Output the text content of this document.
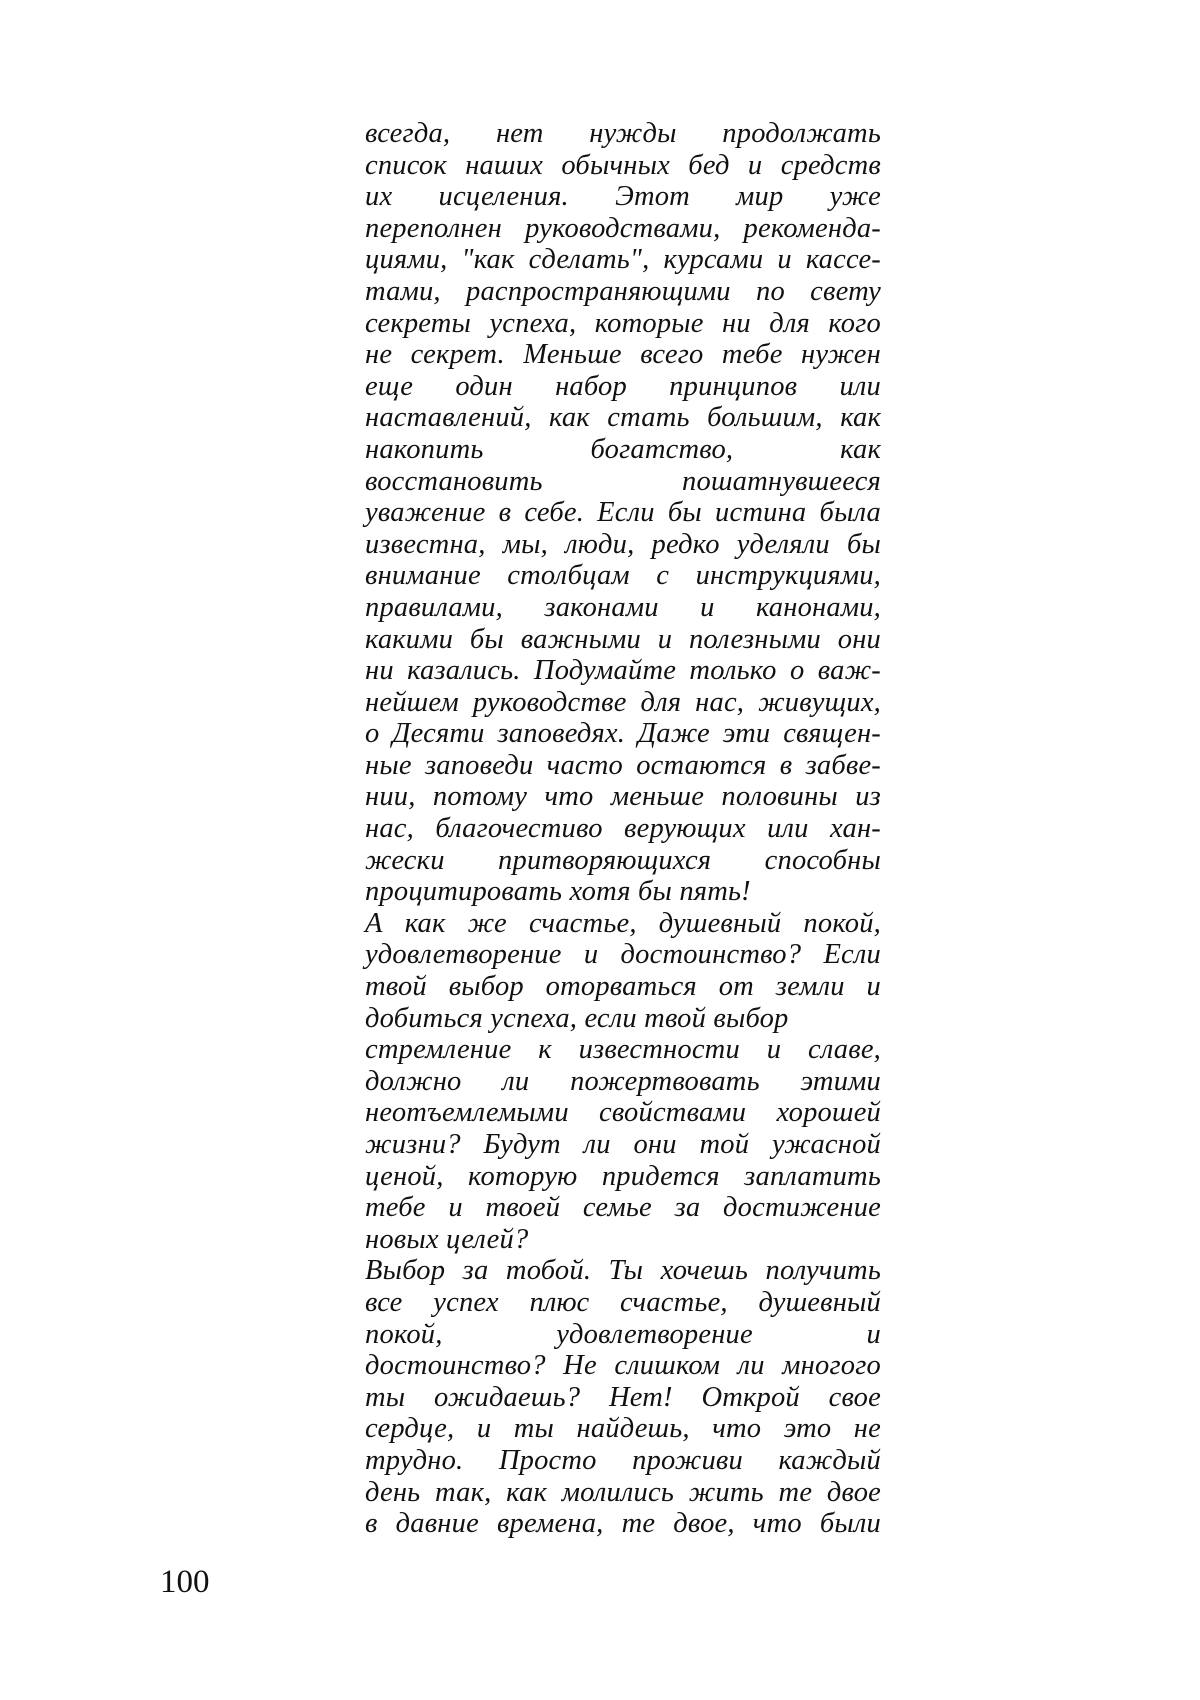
всегда, нет нужды продолжать
список наших обычных бед и средств
их исцеления. Этот мир уже
переполнен руководствами, рекоменда-
циями, "как сделать", курсами и кассе-
тами, распространяющими по свету
секреты успеха, которые ни для кого
не секрет. Меньше всего тебе нужен
еще один набор принципов или
наставлений, как стать большим, как
накопить богатство, как
восстановить пошатнувшееся
уважение в себе. Если бы истина была
известна, мы, люди, редко уделяли бы
внимание столбцам с инструкциями,
правилами, законами и канонами,
какими бы важными и полезными они
ни казались. Подумайте только о важ-
нейшем руководстве для нас, живущих,
о Десяти заповедях. Даже эти священ-
ные заповеди часто остаются в забве-
нии, потому что меньше половины из
нас, благочестиво верующих или хан-
жески притворяющихся способны
процитировать хотя бы пять!
А как же счастье, душевный покой,
удовлетворение и достоинство? Если
твой выбор оторваться от земли и
добиться успеха, если твой выбор
стремление к известности и славе,
должно ли пожертвовать этими
неотъемлемыми свойствами хорошей
жизни? Будут ли они той ужасной
ценой, которую придется заплатить
тебе и твоей семье за достижение
новых целей?
Выбор за тобой. Ты хочешь получить
все успех плюс счастье, душевный
покой, удовлетворение и
достоинство? Не слишком ли многого
ты ожидаешь? Нет! Открой свое
сердце, и ты найдешь, что это не
трудно. Просто проживи каждый
день так, как молились жить те двое
в давние времена, те двое, что были
100
